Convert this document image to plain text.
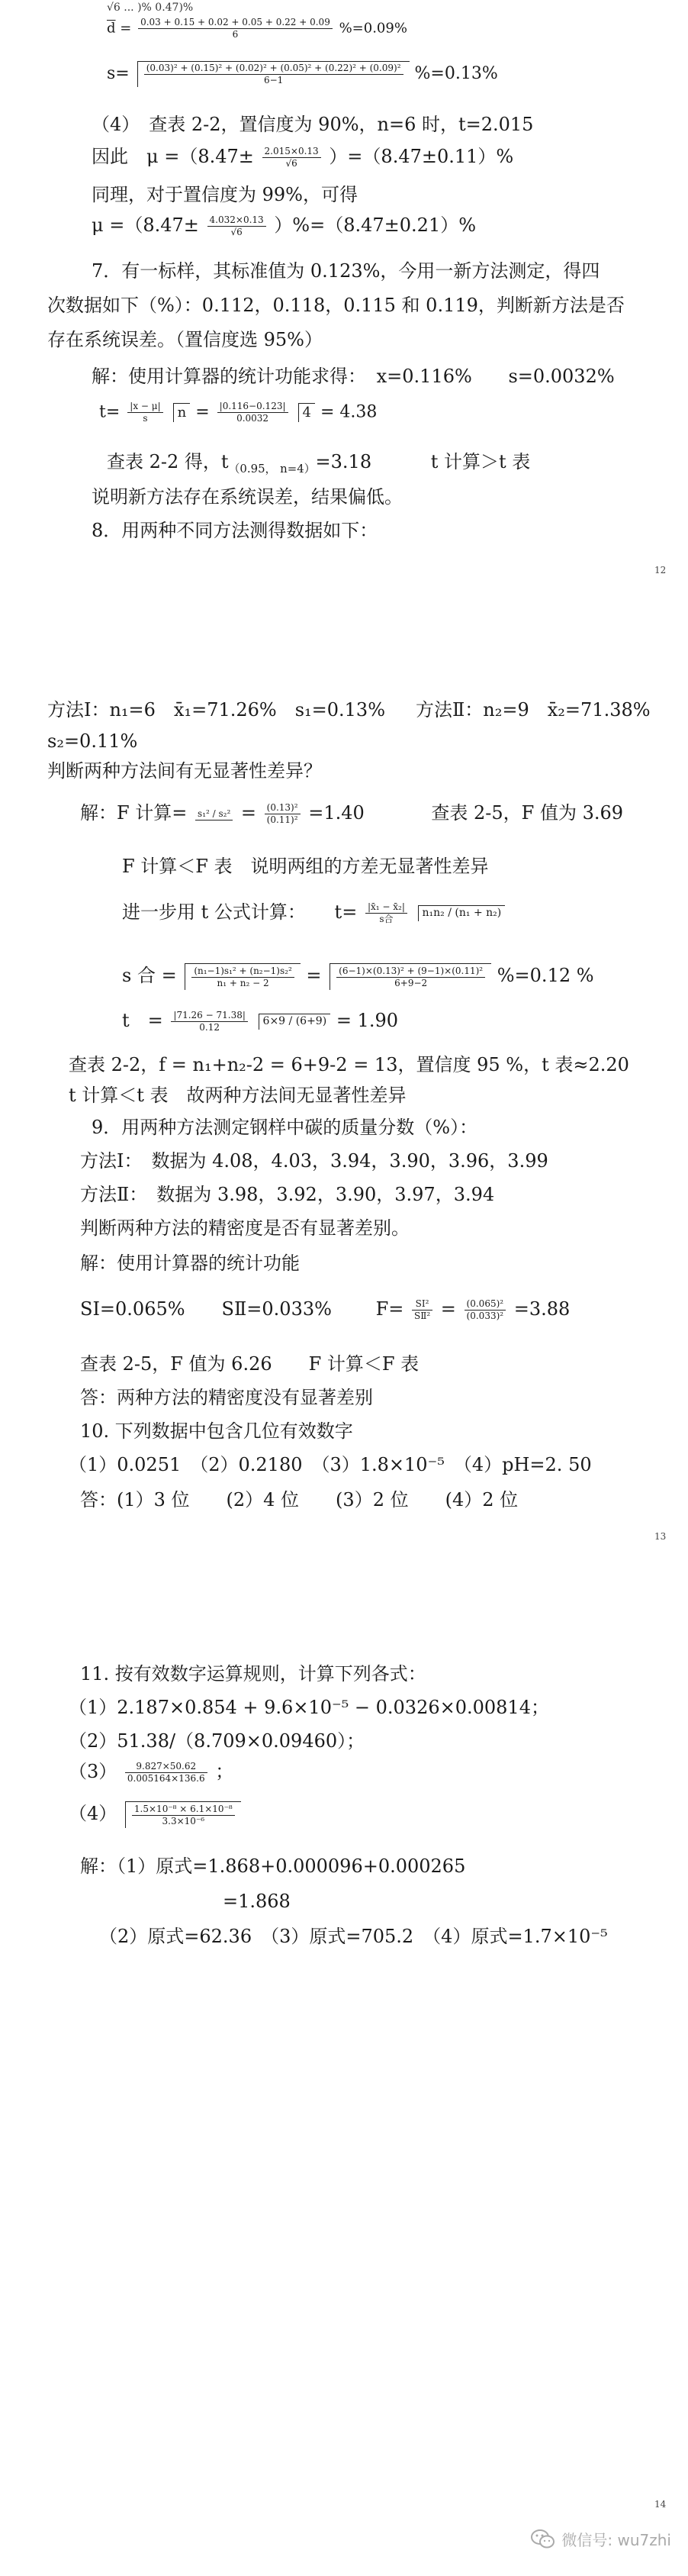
√6 ... )% 0.47)%
$\overline{d} = \frac{0.03 + 0.15 + 0.02 + 0.05 + 0.22 + 0.09}{6} \%=0.09\%$
$s= \frac{\text{(0.03)² + (0.15)² + (0.02)² + (0.05)² + (0.22)² + (0.09)²}}{6-1} \%=0.13\%$
（4）　查表 2-2，置信度为 90%，n=6 时，t=2.015
因此　$\mu =(8.47\pm \frac{2.015\times 0.13}{√6} )=(8.47\pm 0.11)\%$
同理，对于置信度为 99%，可得
$\mu =(8.47\pm \frac{4.032\times 0.13}{√6} )\%=(8.47\pm 0.21)\%$
7．有一标样，其标准值为 0.123%，今用一新方法测定，得四
次数据如下（%）：0.112，0.118，0.115 和 0.119，判断新方法是否
存在系统误差。（置信度选 95%）
解：使用计算器的统计功能求得： x=0.116% s=0.0032%
$t= \frac{|x - \mu|}{s}$ $n = \frac{|0.116-0.123|}{0.0032} 4 = 4.38$
查表 2-2 得，$t_{(0.95, n=4)}=3.18$	t 计算＞t 表
说明新方法存在系统误差，结果偏低。
8．用两种不同方法测得数据如下：
12
方法Ⅰ：n₁=6　x̄₁=71.26%　s₁=0.13% 方法Ⅱ：n₂=9　x̄₂=71.38%
s₂=0.11%
判断两种方法间有无显著性差异？
解：F 计算= $s_1^2 / s_2^2 = \frac{\text{(0.13)²}}{\text{(0.11)²}} =1.40$	查表 2-5，F 值为 3.69
F 计算＜F 表　说明两组的方差无显著性差异
进一步用 t 公式计算： $t= \frac{\text{|x̄₁ − x̄₂|}}{\text{s合}} n_1n_2 / (n_1 + n_2)$
s 合 = $\frac{\text{(n₁−1)s₁² + (n₂−1)s₂²}}{\text{n₁ + n₂ − 2}} = \frac{\text{(6−1)×(0.13)² + (9−1)×(0.11)²}}{6+9-2} \%=0.12$ %
t　= $\frac{|71.26 - 71.38|}{0.12} 6\times 9 / (6+9) = 1.90$
查表 2-2，f = n₁+n₂-2 = 6+9-2 = 13，置信度 95 %，t 表≈2.20
t 计算＜t 表　故两种方法间无显著性差异
9．用两种方法测定钢样中碳的质量分数（%）：
方法Ⅰ：　数据为 4.08，4.03，3.94，3.90，3.96，3.99
方法Ⅱ：　数据为 3.98，3.92，3.90，3.97，3.94
判断两种方法的精密度是否有显著差别。
解：使用计算器的统计功能
SⅠ=0.065%　　SⅡ=0.033% $F= \frac{\text{SⅠ²}}{\text{SⅡ²}} = \frac{\text{(0.065)²}}{\text{(0.033)²}} =3.88$
查表 2-5，F 值为 6.26　　F 计算＜F 表
答：两种方法的精密度没有显著差别
10. 下列数据中包含几位有效数字
（1）0.0251　（2）0.2180　（3）1.8×10⁻⁵　（4）pH=2. 50
答：(1）3 位　　(2）4 位　　(3）2 位　　(4）2 位
13
11. 按有效数字运算规则，计算下列各式：
（1）2.187×0.854 + 9.6×10⁻⁵ − 0.0326×0.00814；
（2）51.38/（8.709×0.09460）；
$(3) \frac{9.827\times 50.62}{0.005164\times 136.6}$ ；
$(4) \frac{\text{1.5×10⁻⁸ × 6.1×10⁻⁸}}{\text{3.3×10⁻⁶}}$
解：（1）原式=1.868+0.000096+0.000265
=1.868
（2）原式=62.36　（3）原式=705.2　（4）原式=1.7×10⁻⁵
14
微信号: wu7zhi
